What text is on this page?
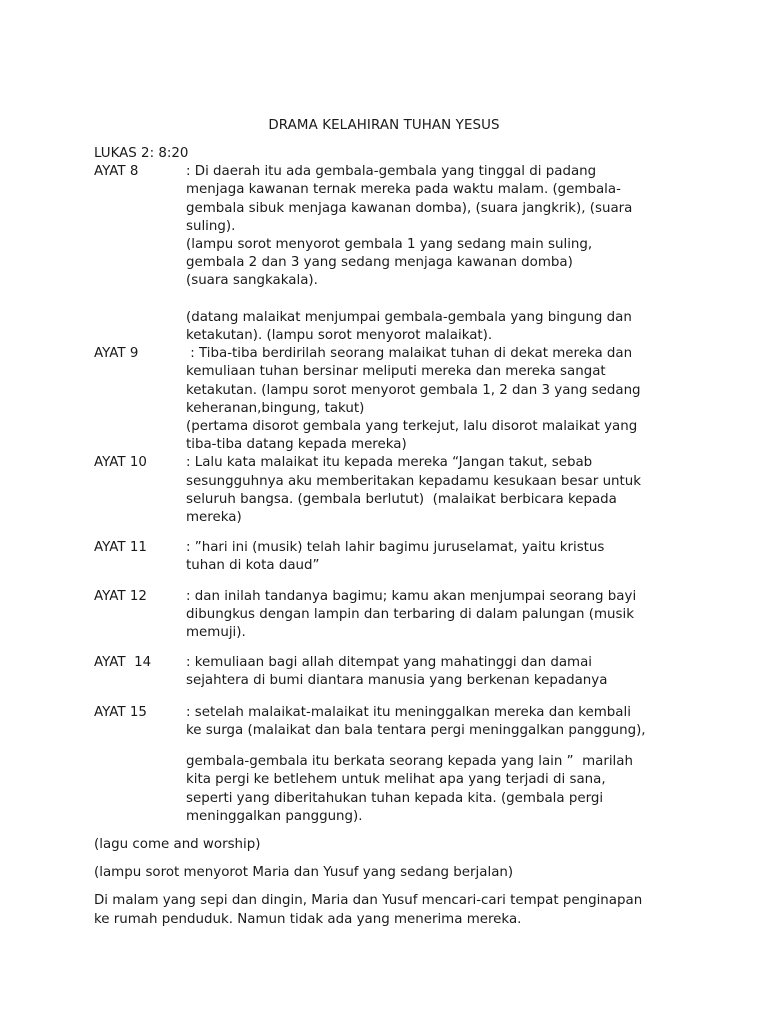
DRAMA KELAHIRAN TUHAN YESUS
LUKAS 2: 8:20
AYAT 8	: Di daerah itu ada gembala-gembala yang tinggal di padang
menjaga kawanan ternak mereka pada waktu malam. (gembala-
gembala sibuk menjaga kawanan domba), (suara jangkrik), (suara
suling).
(lampu sorot menyorot gembala 1 yang sedang main suling,
gembala 2 dan 3 yang sedang menjaga kawanan domba)
(suara sangkakala).

(datang malaikat menjumpai gembala-gembala yang bingung dan
ketakutan). (lampu sorot menyorot malaikat).
AYAT 9	: Tiba-tiba berdirilah seorang malaikat tuhan di dekat mereka dan
kemuliaan tuhan bersinar meliputi mereka dan mereka sangat
ketakutan. (lampu sorot menyorot gembala 1, 2 dan 3 yang sedang
keheranan,bingung, takut)
(pertama disorot gembala yang terkejut, lalu disorot malaikat yang
tiba-tiba datang kepada mereka)
AYAT 10	: Lalu kata malaikat itu kepada mereka “Jangan takut, sebab
sesungguhnya aku memberitakan kepadamu kesukaan besar untuk
seluruh bangsa. (gembala berlutut)  (malaikat berbicara kepada
mereka)
AYAT 11	: ”hari ini (musik) telah lahir bagimu juruselamat, yaitu kristus
tuhan di kota daud”
AYAT 12	: dan inilah tandanya bagimu; kamu akan menjumpai seorang bayi
dibungkus dengan lampin dan terbaring di dalam palungan (musik
memuji).
AYAT  14	: kemuliaan bagi allah ditempat yang mahatinggi dan damai
sejahtera di bumi diantara manusia yang berkenan kepadanya
AYAT 15	: setelah malaikat-malaikat itu meninggalkan mereka dan kembali
ke surga (malaikat dan bala tentara pergi meninggalkan panggung),

gembala-gembala itu berkata seorang kepada yang lain ”  marilah
kita pergi ke betlehem untuk melihat apa yang terjadi di sana,
seperti yang diberitahukan tuhan kepada kita. (gembala pergi
meninggalkan panggung).
(lagu come and worship)
(lampu sorot menyorot Maria dan Yusuf yang sedang berjalan)
Di malam yang sepi dan dingin, Maria dan Yusuf mencari-cari tempat penginapan
ke rumah penduduk. Namun tidak ada yang menerima mereka.
